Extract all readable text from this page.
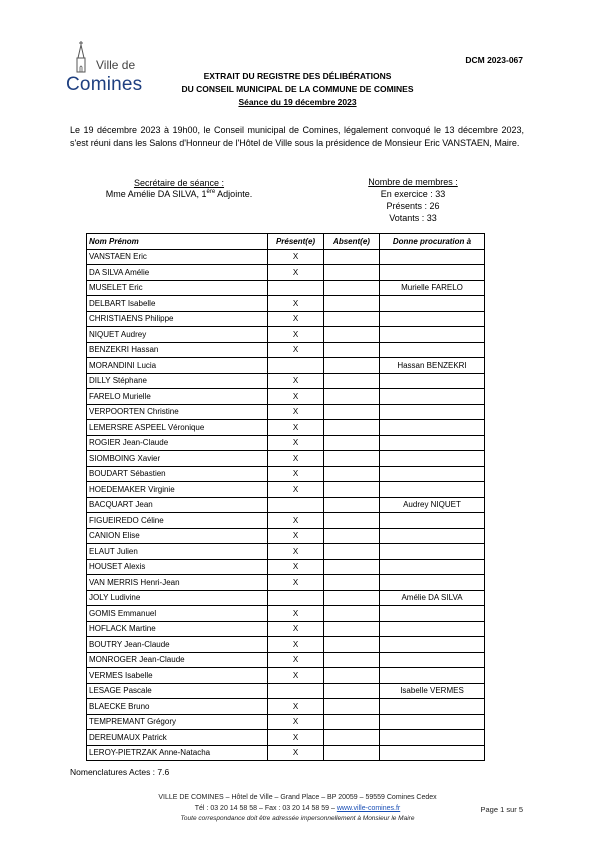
Ville de
Comines
DCM 2023-067
EXTRAIT DU REGISTRE DES DÉLIBÉRATIONS
DU CONSEIL MUNICIPAL DE LA COMMUNE DE COMINES
Séance du 19 décembre 2023
Le 19 décembre 2023 à 19h00, le Conseil municipal de Comines, légalement convoqué le 13 décembre 2023, s'est réuni dans les Salons d'Honneur de l'Hôtel de Ville sous la présidence de Monsieur Eric VANSTAEN, Maire.
Secrétaire de séance :
Mme Amélie DA SILVA, 1ère Adjointe.
Nombre de membres :
En exercice : 33
Présents : 26
Votants : 33
Nom Prénom	Présent(e)	Absent(e)	Donne procuration à
VANSTAEN Eric	X		
DA SILVA Amélie	X		
MUSELET Eric			Murielle FARELO
DELBART Isabelle	X		
CHRISTIAENS Philippe	X		
NIQUET Audrey	X		
BENZEKRI Hassan	X		
MORANDINI Lucia			Hassan BENZEKRI
DILLY Stéphane	X		
FARELO Murielle	X		
VERPOORTEN Christine	X		
LEMERSRE ASPEEL Véronique	X		
ROGIER Jean-Claude	X		
SIOMBOING Xavier	X		
BOUDART Sébastien	X		
HOEDEMAKER Virginie	X		
BACQUART Jean			Audrey NIQUET
FIGUEIREDO Céline	X		
CANION Elise	X		
ELAUT Julien	X		
HOUSET Alexis	X		
VAN MERRIS Henri-Jean	X		
JOLY Ludivine			Amélie DA SILVA
GOMIS Emmanuel	X		
HOFLACK Martine	X		
BOUTRY Jean-Claude	X		
MONROGER Jean-Claude	X		
VERMES Isabelle	X		
LESAGE Pascale			Isabelle VERMES
BLAECKE Bruno	X		
TEMPREMANT Grégory	X		
DEREUMAUX Patrick	X		
LEROY-PIETRZAK Anne-Natacha	X		
Nomenclatures Actes : 7.6
VILLE DE COMINES – Hôtel de Ville – Grand Place – BP 20059 – 59559 Comines Cedex
Tél : 03 20 14 58 58 – Fax : 03 20 14 58 59 – www.ville-comines.fr
Toute correspondance doit être adressée impersonnellement à Monsieur le Maire
Page 1 sur 5
